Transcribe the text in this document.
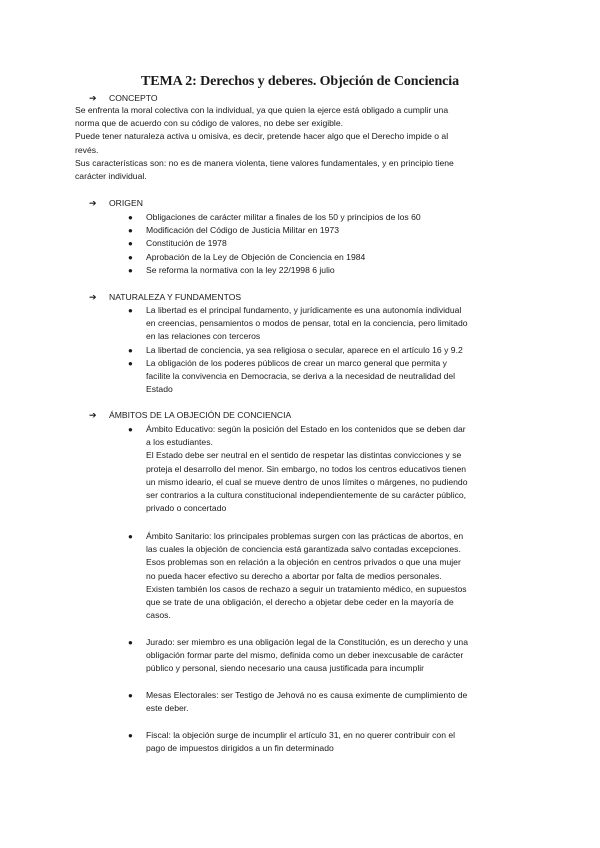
TEMA 2: Derechos y deberes. Objeción de Conciencia
➔ CONCEPTO
Se enfrenta la moral colectiva con la individual, ya que quien la ejerce está obligado a cumplir una
norma que de acuerdo con su código de valores, no debe ser exigible.
Puede tener naturaleza activa u omisiva, es decir, pretende hacer algo que el Derecho impide o al
revés.
Sus características son: no es de manera violenta, tiene valores fundamentales, y en principio tiene
carácter individual.
➔ ORIGEN
● Obligaciones de carácter militar a finales de los 50 y principios de los 60
● Modificación del Código de Justicia Militar en 1973
● Constitución de 1978
● Aprobación de la Ley de Objeción de Conciencia en 1984
● Se reforma la normativa con la ley 22/1998 6 julio
➔ NATURALEZA Y FUNDAMENTOS
● La libertad es el principal fundamento, y jurídicamente es una autonomía individual
en creencias, pensamientos o modos de pensar, total en la conciencia, pero limitado
en las relaciones con terceros
● La libertad de conciencia, ya sea religiosa o secular, aparece en el artículo 16 y 9.2
● La obligación de los poderes públicos de crear un marco general que permita y
facilite la convivencia en Democracia, se deriva a la necesidad de neutralidad del
Estado
➔ ÁMBITOS DE LA OBJECIÓN DE CONCIENCIA
● Ámbito Educativo: según la posición del Estado en los contenidos que se deben dar
a los estudiantes.
El Estado debe ser neutral en el sentido de respetar las distintas convicciones y se
proteja el desarrollo del menor. Sin embargo, no todos los centros educativos tienen
un mismo ideario, el cual se mueve dentro de unos límites o márgenes, no pudiendo
ser contrarios a la cultura constitucional independientemente de su carácter público,
privado o concertado
● Ámbito Sanitario: los principales problemas surgen con las prácticas de abortos, en
las cuales la objeción de conciencia está garantizada salvo contadas excepciones.
Esos problemas son en relación a la objeción en centros privados o que una mujer
no pueda hacer efectivo su derecho a abortar por falta de medios personales.
Existen también los casos de rechazo a seguir un tratamiento médico, en supuestos
que se trate de una obligación, el derecho a objetar debe ceder en la mayoría de
casos.
● Jurado: ser miembro es una obligación legal de la Constitución, es un derecho y una
obligación formar parte del mismo, definida como un deber inexcusable de carácter
público y personal, siendo necesario una causa justificada para incumplir
● Mesas Electorales: ser Testigo de Jehová no es causa eximente de cumplimiento de
este deber.
● Fiscal: la objeción surge de incumplir el artículo 31, en no querer contribuir con el
pago de impuestos dirigidos a un fin determinado
